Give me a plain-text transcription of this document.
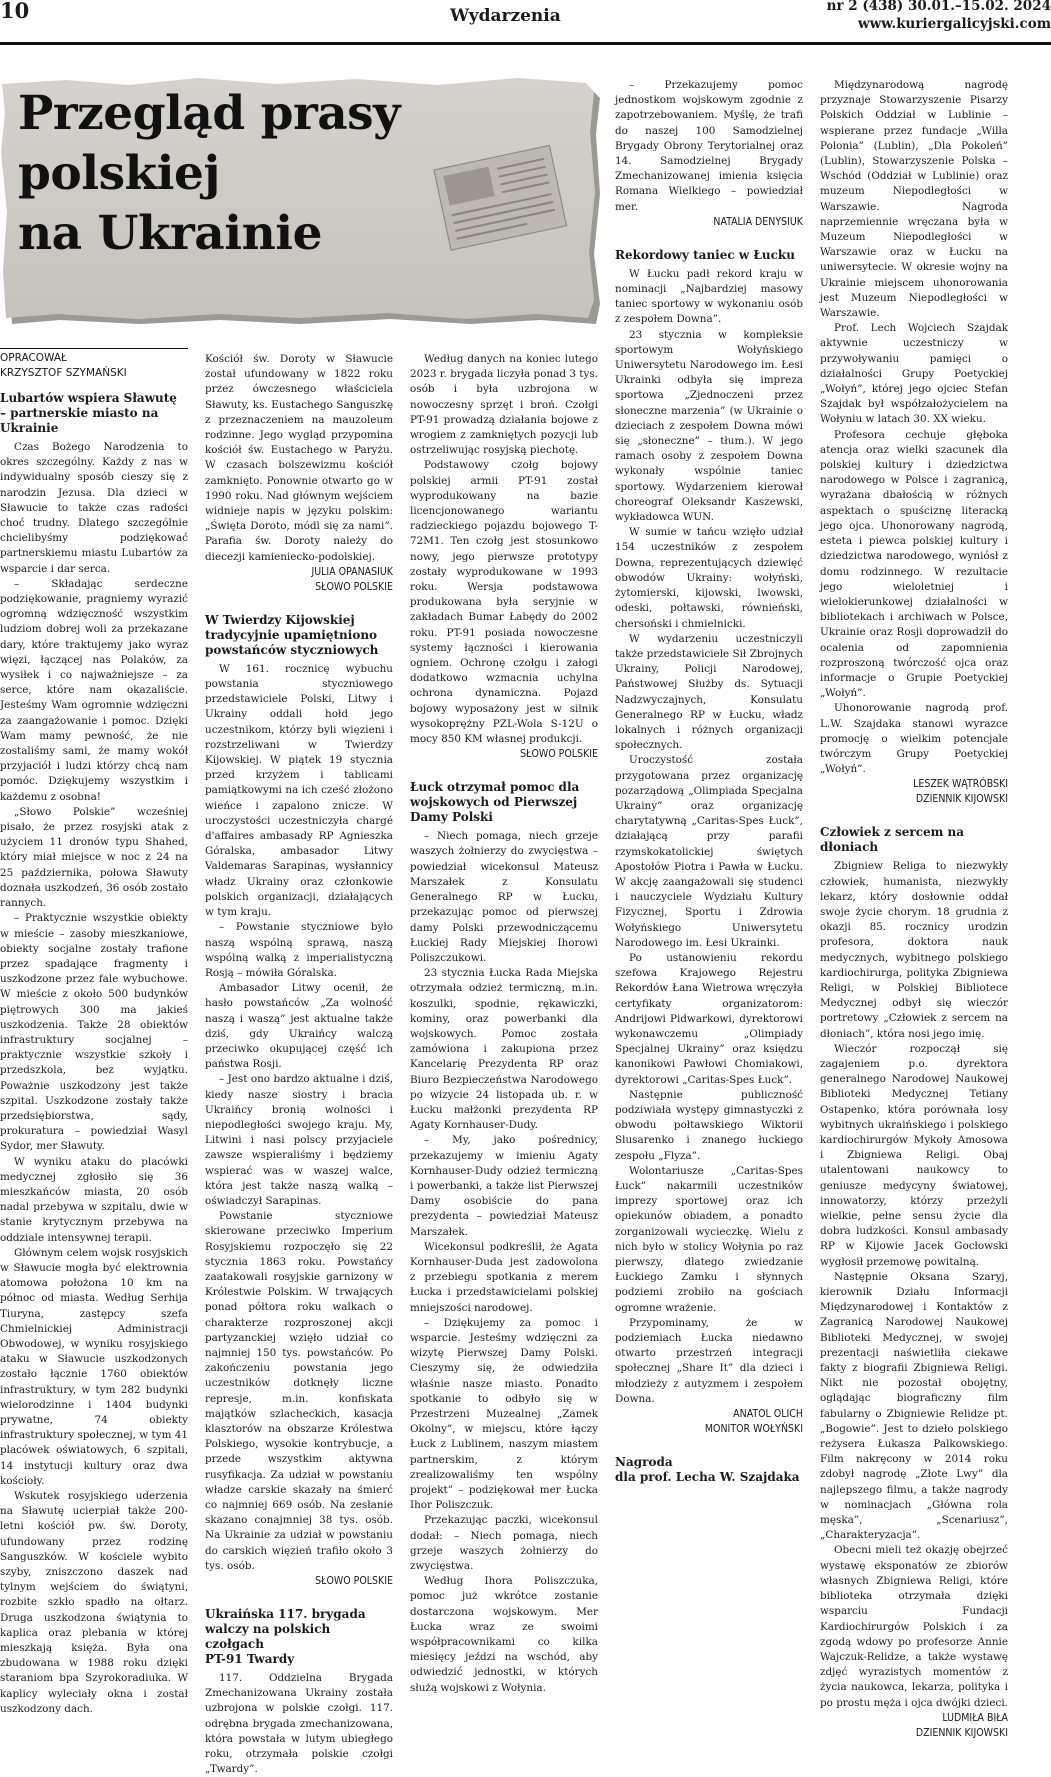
10	Wydarzenia	nr 2 (438) 30.01.–15.02. 2024
www.kuriergalicyjski.com
Przegląd prasy
polskiej
na Ukrainie
OPRACOWAŁ
KRZYSZTOF SZYMAŃSKI
Lubartów wspiera Sławutę
– partnerskie miasto na
Ukrainie

Czas Bożego Narodzenia to okres szczególny. Każdy z nas w indywidualny sposób cieszy się z narodzin Jezusa. Dla dzieci w Sławucie to także czas radości choć trudny. Dlatego szczególnie chcielibyśmy podziękować partnerskiemu miastu Lubartów za wsparcie i dar serca.

– Składając serdeczne podziękowanie, pragniemy wyrazić ogromną wdzięczność wszystkim ludziom dobrej woli za przekazane dary, które traktujemy jako wyraz więzi, łączącej nas Polaków, za wysiłek i co najważniejsze – za serce, które nam okazaliście. Jesteśmy Wam ogromnie wdzięczni za zaangażowanie i pomoc. Dzięki Wam mamy pewność, że nie zostaliśmy sami, że mamy wokół przyjaciół i ludzi którzy chcą nam pomóc. Dziękujemy wszystkim i każdemu z osobna!

„Słowo Polskie” wcześniej pisało, że przez rosyjski atak z użyciem 11 dronów typu Shahed, który miał miejsce w noc z 24 na 25 października, połowa Sławuty doznała uszkodzeń, 36 osób zostało rannych.

– Praktycznie wszystkie obiekty w mieście – zasoby mieszkaniowe, obiekty socjalne zostały trafione przez spadające fragmenty i uszkodzone przez fale wybuchowe. W mieście z około 500 budynków piętrowych 300 ma jakieś uszkodzenia. Także 28 obiektów infrastruktury socjalnej – praktycznie wszystkie szkoły i przedszkola, bez wyjątku. Poważnie uszkodzony jest także szpital. Uszkodzone zostały także przedsiębiorstwa, sądy, prokuratura – powiedział Wasyl Sydor, mer Sławuty.

W wyniku ataku do placówki medycznej zgłosiło się 36 mieszkańców miasta, 20 osób nadal przebywa w szpitalu, dwie w stanie krytycznym przebywa na oddziale intensywnej terapii.

Głównym celem wojsk rosyjskich w Sławucie mogła być elektrownia atomowa położona 10 km na północ od miasta. Według Serhija Tiuryna, zastępcy szefa Chmielnickiej Administracji Obwodowej, w wyniku rosyjskiego ataku w Sławucie uszkodzonych zostało łącznie 1760 obiektów infrastruktury, w tym 282 budynki wielorodzinne i 1404 budynki prywatne, 74 obiekty infrastruktury społecznej, w tym 41 placówek oświatowych, 6 szpitali, 14 instytucji kultury oraz dwa kościoły.

Wskutek rosyjskiego uderzenia na Sławutę ucierpiał także 200-letni kościół pw. św. Doroty, ufundowany przez rodzinę Sanguszków. W kościele wybito szyby, zniszczono daszek nad tylnym wejściem do świątyni, rozbite szkło spadło na ołtarz. Druga uszkodzona świątynia to kaplica oraz plebania w której mieszkają księża. Była ona zbudowana w 1988 roku dzięki staraniom bpa Szyrokoradiuka. W kaplicy wyleciały okna i został uszkodzony dach.

Kościół św. Doroty w Sławucie został ufundowany w 1822 roku przez ówczesnego właściciela Sławuty, ks. Eustachego Sanguszkę z przeznaczeniem na mauzoleum rodzinne. Jego wygląd przypomina kościół św. Eustachego w Paryżu. W czasach bolszewizmu kościół zamknięto. Ponownie otwarto go w 1990 roku. Nad głównym wejściem widnieje napis w języku polskim: „Święta Doroto, módl się za nami”. Parafia św. Doroty należy do diecezji kamieniecko-podolskiej.

JULIA OPANASIUK
SŁOWO POLSKIE
W Twierdzy Kijowskiej
tradycyjnie upamiętniono
powstańców styczniowych

W 161. rocznicę wybuchu powstania styczniowego przedstawiciele Polski, Litwy i Ukrainy oddali hołd jego uczestnikom, którzy byli więzieni i rozstrzeliwani w Twierdzy Kijowskiej. W piątek 19 stycznia przed krzyżem i tablicami pamiątkowymi na ich cześć złożono wieńce i zapalono znicze. W uroczystości uczestniczyła chargé d'affaires ambasady RP Agnieszka Góralska, ambasador Litwy Valdemaras Sarapinas, wysłannicy władz Ukrainy oraz członkowie polskich organizacji, działających w tym kraju.

– Powstanie styczniowe było naszą wspólną sprawą, naszą wspólną walką z imperialistyczną Rosją – mówiła Góralska.

Ambasador Litwy ocenił, że hasło powstańców „Za wolność naszą i waszą” jest aktualne także dziś, gdy Ukraińcy walczą przeciwko okupującej część ich państwa Rosji.

– Jest ono bardzo aktualne i dziś, kiedy nasze siostry i bracia Ukraińcy bronią wolności i niepodległości swojego kraju. My, Litwini i nasi polscy przyjaciele zawsze wspieraliśmy i będziemy wspierać was w waszej walce, która jest także naszą walką – oświadczył Sarapinas.

Powstanie styczniowe skierowane przeciwko Imperium Rosyjskiemu rozpoczęło się 22 stycznia 1863 roku. Powstańcy zaatakowali rosyjskie garnizony w Królestwie Polskim. W trwających ponad półtora roku walkach o charakterze rozproszonej akcji partyzanckiej wzięło udział co najmniej 150 tys. powstańców. Po zakończeniu powstania jego uczestników dotknęły liczne represje, m.in. konfiskata majątków szlacheckich, kasacja klasztorów na obszarze Królestwa Polskiego, wysokie kontrybucje, a przede wszystkim aktywna rusyfikacja. Za udział w powstaniu władze carskie skazały na śmierć co najmniej 669 osób. Na zesłanie skazano conajmniej 38 tys. osób. Na Ukrainie za udział w powstaniu do carskich więzień trafiło około 3 tys. osób.

SŁOWO POLSKIE
Ukraińska 117. brygada
walczy na polskich czołgach
PT-91 Twardy

117. Oddzielna Brygada Zmechanizowana Ukrainy została uzbrojona w polskie czołgi. 117. odrębna brygada zmechanizowana, która powstała w lutym ubiegłego roku, otrzymała polskie czołgi „Twardy”.

Według danych na koniec lutego 2023 r. brygada liczyła ponad 3 tys. osób i była uzbrojona w nowoczesny sprzęt i broń. Czołgi PT-91 prowadzą działania bojowe z wrogiem z zamkniętych pozycji lub ostrzeliwując rosyjską piechotę.

Podstawowy czołg bojowy polskiej armii PT-91 został wyprodukowany na bazie licencjonowanego wariantu radzieckiego pojazdu bojowego T-72M1. Ten czołg jest stosunkowo nowy, jego pierwsze prototypy zostały wyprodukowane w 1993 roku. Wersja podstawowa produkowana była seryjnie w zakładach Bumar Łabędy do 2002 roku. PT-91 posiada nowoczesne systemy łączności i kierowania ogniem. Ochronę czołgu i załogi dodatkowo wzmacnia uchylna ochrona dynamiczna. Pojazd bojowy wyposażony jest w silnik wysokoprężny PZL-Wola S-12U o mocy 850 KM własnej produkcji.

SŁOWO POLSKIE
Łuck otrzymał pomoc dla
wojskowych od Pierwszej
Damy Polski

– Niech pomaga, niech grzeje waszych żołnierzy do zwycięstwa – powiedział wicekonsul Mateusz Marszałek z Konsulatu Generalnego RP w Łucku, przekazując pomoc od pierwszej damy Polski przewodniczącemu Łuckiej Rady Miejskiej Ihorowi Poliszczukowi.

23 stycznia Łucka Rada Miejska otrzymała odzież termiczną, m.in. koszulki, spodnie, rękawiczki, kominy, oraz powerbanki dla wojskowych. Pomoc została zamówiona i zakupiona przez Kancelarię Prezydenta RP oraz Biuro Bezpieczeństwa Narodowego po wizycie 24 listopada ub. r. w Łucku małżonki prezydenta RP Agaty Kornhauser-Dudy.

– My, jako pośrednicy, przekazujemy w imieniu Agaty Kornhauser-Dudy odzież termiczną i powerbanki, a także list Pierwszej Damy osobiście do pana prezydenta – powiedział Mateusz Marszałek.

Wicekonsul podkreślił, że Agata Kornhauser-Duda jest zadowolona z przebiegu spotkania z merem Łucka i przedstawicielami polskiej mniejszości narodowej.

– Dziękujemy za pomoc i wsparcie. Jesteśmy wdzięczni za wizytę Pierwszej Damy Polski. Cieszymy się, że odwiedziła właśnie nasze miasto. Ponadto spotkanie to odbyło się w Przestrzeni Muzealnej „Zamek Okolny”, w miejscu, które łączy Łuck z Lublinem, naszym miastem partnerskim, z którym zrealizowaliśmy ten wspólny projekt” – podziękował mer Łucka Ihor Poliszczuk.

Przekazując paczki, wicekonsul dodał: – Niech pomaga, niech grzeje waszych żołnierzy do zwycięstwa.

Według Ihora Poliszczuka, pomoc już wkrótce zostanie dostarczona wojskowym. Mer Łucka wraz ze swoimi współpracownikami co kilka miesięcy jeździ na wschód, aby odwiedzić jednostki, w których służą wojskowi z Wołynia.

– Przekazujemy pomoc jednostkom wojskowym zgodnie z zapotrzebowaniem. Myślę, że trafi do naszej 100 Samodzielnej Brygady Obrony Terytorialnej oraz 14. Samodzielnej Brygady Zmechanizowanej imienia księcia Romana Wielkiego – powiedział mer.

NATALIA DENYSIUK
Rekordowy taniec w Łucku

W Łucku padł rekord kraju w nominacji „Najbardziej masowy taniec sportowy w wykonaniu osób z zespołem Downa”.

23 stycznia w kompleksie sportowym Wołyńskiego Uniwersytetu Narodowego im. Łesi Ukrainki odbyła się impreza sportowa „Zjednoczeni przez słoneczne marzenia” (w Ukrainie o dzieciach z zespołem Downa mówi się „słoneczne” – tłum.). W jego ramach osoby z zespołem Downa wykonały wspólnie taniec sportowy. Wydarzeniem kierował choreograf Oleksandr Kaszewski, wykładowca WUN.

W sumie w tańcu wzięło udział 154 uczestników z zespołem Downa, reprezentujących dziewięć obwodów Ukrainy: wołyński, żytomierski, kijowski, lwowski, odeski, połtawski, równieński, chersoński i chmielnicki.

W wydarzeniu uczestniczyli także przedstawiciele Sił Zbrojnych Ukrainy, Policji Narodowej, Państwowej Służby ds. Sytuacji Nadzwyczajnych, Konsulatu Generalnego RP w Łucku, władz lokalnych i różnych organizacji społecznych.

Uroczystość została przygotowana przez organizację pozarządową „Olimpiada Specjalna Ukrainy” oraz organizację charytatywną „Caritas-Spes Łuck”, działającą przy parafii rzymskokatolickiej świętych Apostołów Piotra i Pawła w Łucku. W akcję zaangażowali się studenci i nauczyciele Wydziału Kultury Fizycznej, Sportu i Zdrowia Wołyńskiego Uniwersytetu Narodowego im. Łesi Ukrainki.

Po ustanowieniu rekordu szefowa Krajowego Rejestru Rekordów Łana Wietrowa wręczyła certyfikaty organizatorom: Andrijowi Pidwarkowi, dyrektorowi wykonawczemu „Olimpiady Specjalnej Ukrainy” oraz księdzu kanonikowi Pawłowi Chomiakowi, dyrektorowi „Caritas-Spes Łuck”.

Następnie publiczność podziwiała występy gimnastyczki z obwodu połtawskiego Wiktorii Slusarenko i znanego łuckiego zespołu „Flyza”.

Wolontariusze „Caritas-Spes Łuck” nakarmili uczestników imprezy sportowej oraz ich opiekunów obiadem, a ponadto zorganizowali wycieczkę. Wielu z nich było w stolicy Wołynia po raz pierwszy, dlatego zwiedzanie Łuckiego Zamku i słynnych podziemi zrobiło na gościach ogromne wrażenie.

Przypominamy, że w podziemiach Łucka niedawno otwarto przestrzeń integracji społecznej „Share It” dla dzieci i młodzieży z autyzmem i zespołem Downa.

ANATOL OLICH
MONITOR WOŁYŃSKI
Nagroda
dla prof. Lecha W. Szajdaka

Międzynarodową nagrodę przyznaje Stowarzyszenie Pisarzy Polskich Oddział w Lublinie – wspierane przez fundacje „Willa Polonia” (Lublin), „Dla Pokoleń” (Lublin), Stowarzyszenie Polska – Wschód (Oddział w Lublinie) oraz muzeum Niepodległości w Warszawie. Nagroda naprzemiennie wręczana była w Muzeum Niepodległości w Warszawie oraz w Łucku na uniwersytecie. W okresie wojny na Ukrainie miejscem uhonorowania jest Muzeum Niepodległości w Warszawie.

Prof. Lech Wojciech Szajdak aktywnie uczestniczy w przywoływaniu pamięci o działalności Grupy Poetyckiej „Wołyń”, której jego ojciec Stefan Szajdak był współzałożycielem na Wołyniu w latach 30. XX wieku.

Profesora cechuje głęboka atencja oraz wielki szacunek dla polskiej kultury i dziedzictwa narodowego w Polsce i zagranicą, wyrażana dbałością w różnych aspektach o spuściznę literacką jego ojca. Uhonorowany nagrodą, esteta i piewca polskiej kultury i dziedzictwa narodowego, wyniósł z domu rodzinnego. W rezultacie jego wieloletniej i wielokierunkowej działalności w bibliotekach i archiwach w Polsce, Ukrainie oraz Rosji doprowadził do ocalenia od zapomnienia rozproszoną twórczość ojca oraz informacje o Grupie Poetyckiej „Wołyń”.

Uhonorowanie nagrodą prof. L.W. Szajdaka stanowi wyrazce promocję o wielkim potencjale twórczym Grupy Poetyckiej „Wołyń”.

LESZEK WĄTRÓBSKI
DZIENNIK KIJOWSKI
Człowiek z sercem na dłoniach

Zbigniew Religa to niezwykły człowiek, humanista, niezwykły lekarz, który dosłownie oddał swoje życie chorym. 18 grudnia z okazji 85. rocznicy urodzin profesora, doktora nauk medycznych, wybitnego polskiego kardiochirurga, polityka Zbigniewa Religi, w Polskiej Bibliotece Medycznej odbył się wieczór portretowy „Człowiek z sercem na dłoniach”, która nosi jego imię.

Wieczór rozpoczął się zagajeniem p.o. dyrektora generalnego Narodowej Naukowej Biblioteki Medycznej Tetiany Ostapenko, która porównała losy wybitnych ukraińskiego i polskiego kardiochirurgów Mykoły Amosowa i Zbigniewa Religi. Obaj utalentowani naukowcy to geniusze medycyny światowej, innowatorzy, którzy przeżyli wielkie, pełne sensu życie dla dobra ludzkości. Konsul ambasady RP w Kijowie Jacek Gocłowski wygłosił przemowę powitalną.

Następnie Oksana Szaryj, kierownik Działu Informacji Międzynarodowej i Kontaktów z Zagranicą Narodowej Naukowej Biblioteki Medycznej, w swojej prezentacji naświetliła ciekawe fakty z biografii Zbigniewa Religi. Nikt nie pozostał obojętny, oglądając biograficzny film fabularny o Zbigniewie Relidze pt. „Bogowie”. Jest to dzieło polskiego reżysera Łukasza Palkowskiego. Film nakręcony w 2014 roku zdobył nagrodę „Złote Lwy” dla najlepszego filmu, a także nagrody w nominacjach „Główna rola męska”, „Scenariusz”, „Charakteryzacja”.

Obecni mieli też okazję obejrzeć wystawę eksponatów ze zbiorów własnych Zbigniewa Religi, które biblioteka otrzymała dzięki wsparciu Fundacji Kardiochirurgów Polskich i za zgodą wdowy po profesorze Annie Wajczuk-Relidze, a także wystawę zdjęć wyrazistych momentów z życia naukowca, lekarza, polityka i po prostu męża i ojca dwójki dzieci.

LUDMIŁA BIŁA
DZIENNIK KIJOWSKI
